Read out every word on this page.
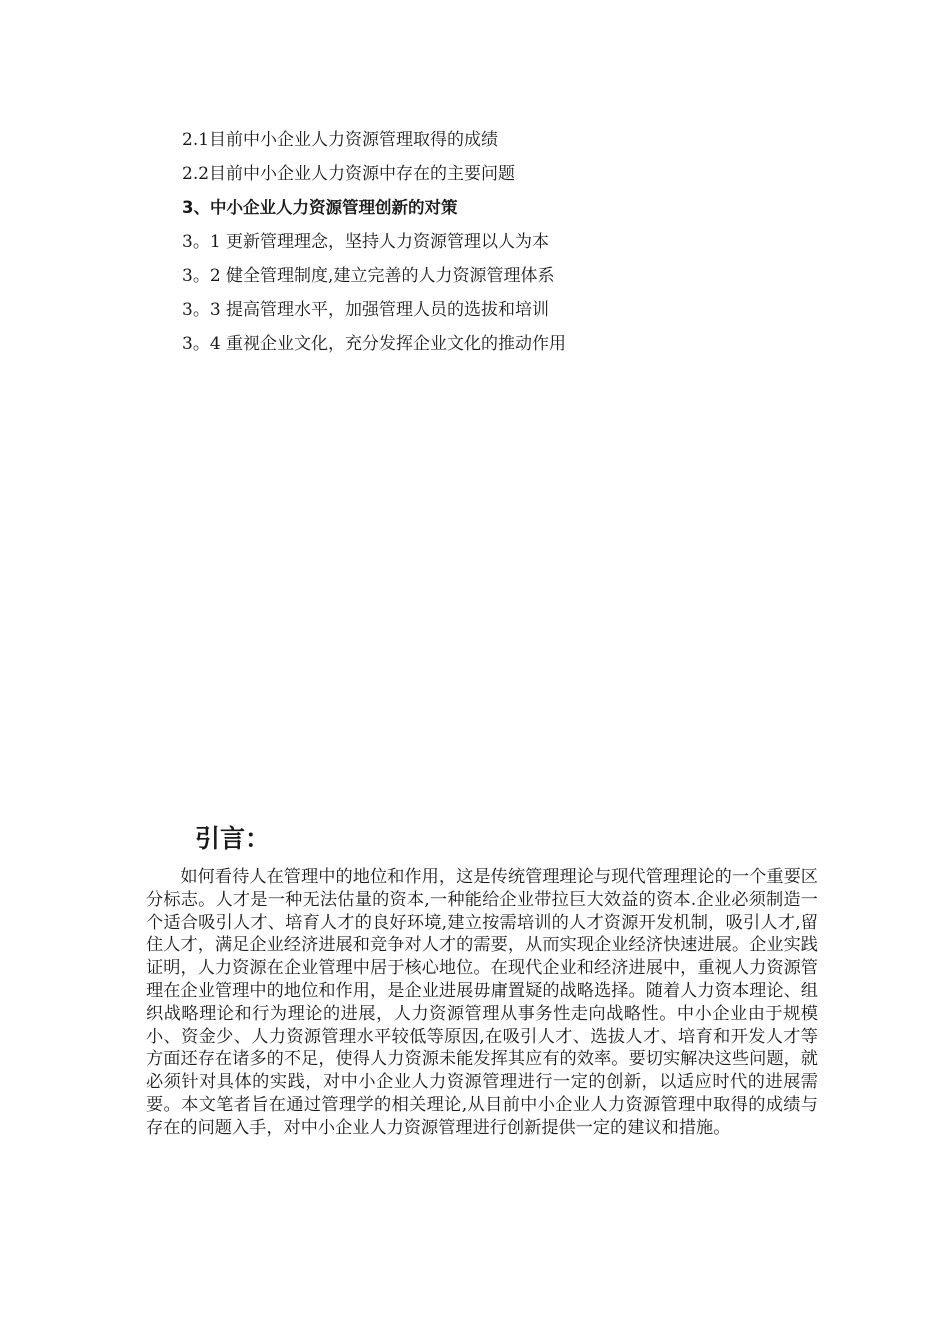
2.1目前中小企业人力资源管理取得的成绩
2.2目前中小企业人力资源中存在的主要问题
3、中小企业人力资源管理创新的对策
3。1 更新管理理念，坚持人力资源管理以人为本
3。2 健全管理制度,建立完善的人力资源管理体系
3。3 提高管理水平，加强管理人员的选拔和培训
3。4 重视企业文化，充分发挥企业文化的推动作用
引言：

如何看待人在管理中的地位和作用，这是传统管理理论与现代管理理论的一个重要区分标志。人才是一种无法估量的资本,一种能给企业带拉巨大效益的资本.企业必须制造一个适合吸引人才、培育人才的良好环境,建立按需培训的人才资源开发机制，吸引人才,留住人才，满足企业经济进展和竞争对人才的需要，从而实现企业经济快速进展。企业实践证明，人力资源在企业管理中居于核心地位。在现代企业和经济进展中，重视人力资源管理在企业管理中的地位和作用，是企业进展毋庸置疑的战略选择。随着人力资本理论、组织战略理论和行为理论的进展，人力资源管理从事务性走向战略性。中小企业由于规模小、资金少、人力资源管理水平较低等原因,在吸引人才、选拔人才、培育和开发人才等方面还存在诸多的不足，使得人力资源未能发挥其应有的效率。要切实解决这些问题，就必须针对具体的实践，对中小企业人力资源管理进行一定的创新，以适应时代的进展需要。本文笔者旨在通过管理学的相关理论,从目前中小企业人力资源管理中取得的成绩与存在的问题入手，对中小企业人力资源管理进行创新提供一定的建议和措施。
